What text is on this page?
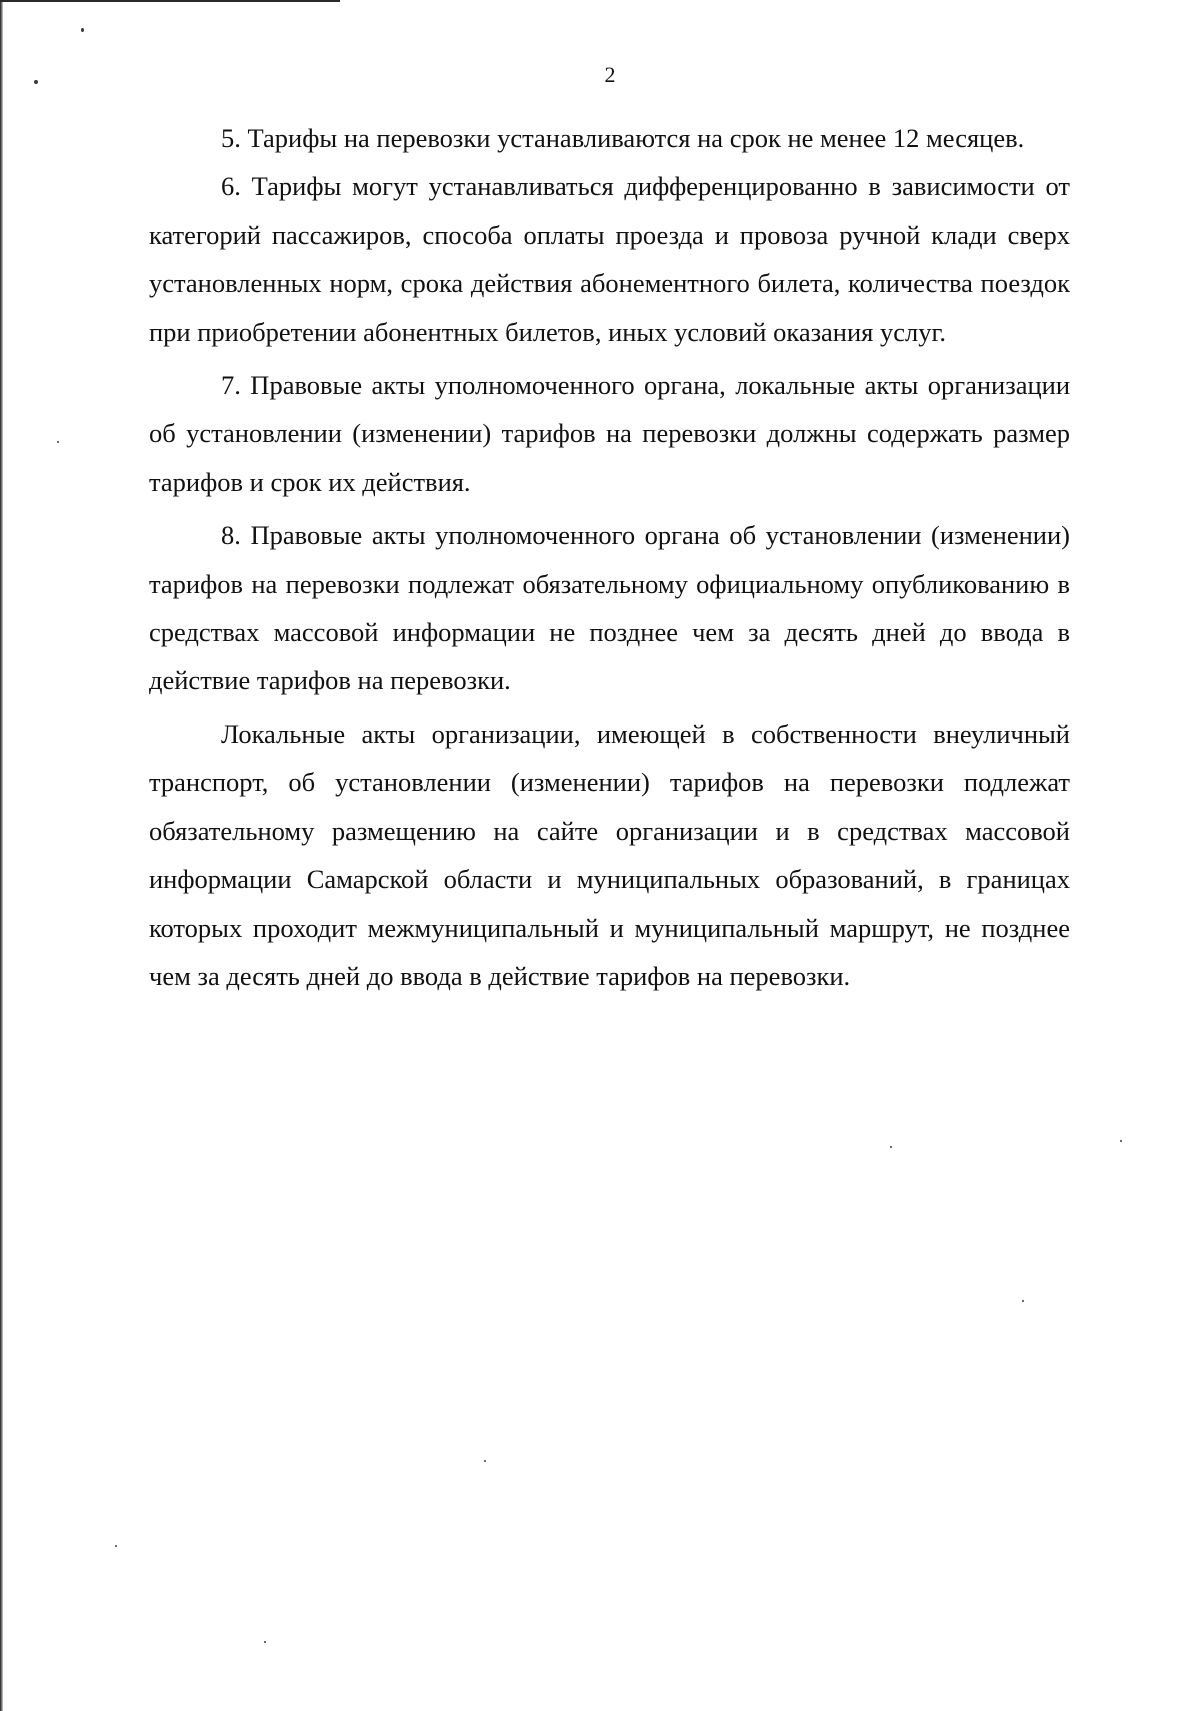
2

5. Тарифы на перевозки устанавливаются на срок не менее 12 месяцев.

6. Тарифы могут устанавливаться дифференцированно в зависимости от категорий пассажиров, способа оплаты проезда и провоза ручной клади сверх установленных норм, срока действия абонементного билета, количества поездок при приобретении абонентных билетов, иных условий оказания услуг.

7. Правовые акты уполномоченного органа, локальные акты организации об установлении (изменении) тарифов на перевозки должны содержать размер тарифов и срок их действия.

8. Правовые акты уполномоченного органа об установлении (изменении) тарифов на перевозки подлежат обязательному официальному опубликованию в средствах массовой информации не позднее чем за десять дней до ввода в действие тарифов на перевозки.

Локальные акты организации, имеющей в собственности внеуличный транспорт, об установлении (изменении) тарифов на перевозки подлежат обязательному размещению на сайте организации и в средствах массовой информации Самарской области и муниципальных образований, в границах которых проходит межмуниципальный и муниципальный маршрут, не позднее чем за десять дней до ввода в действие тарифов на перевозки.
